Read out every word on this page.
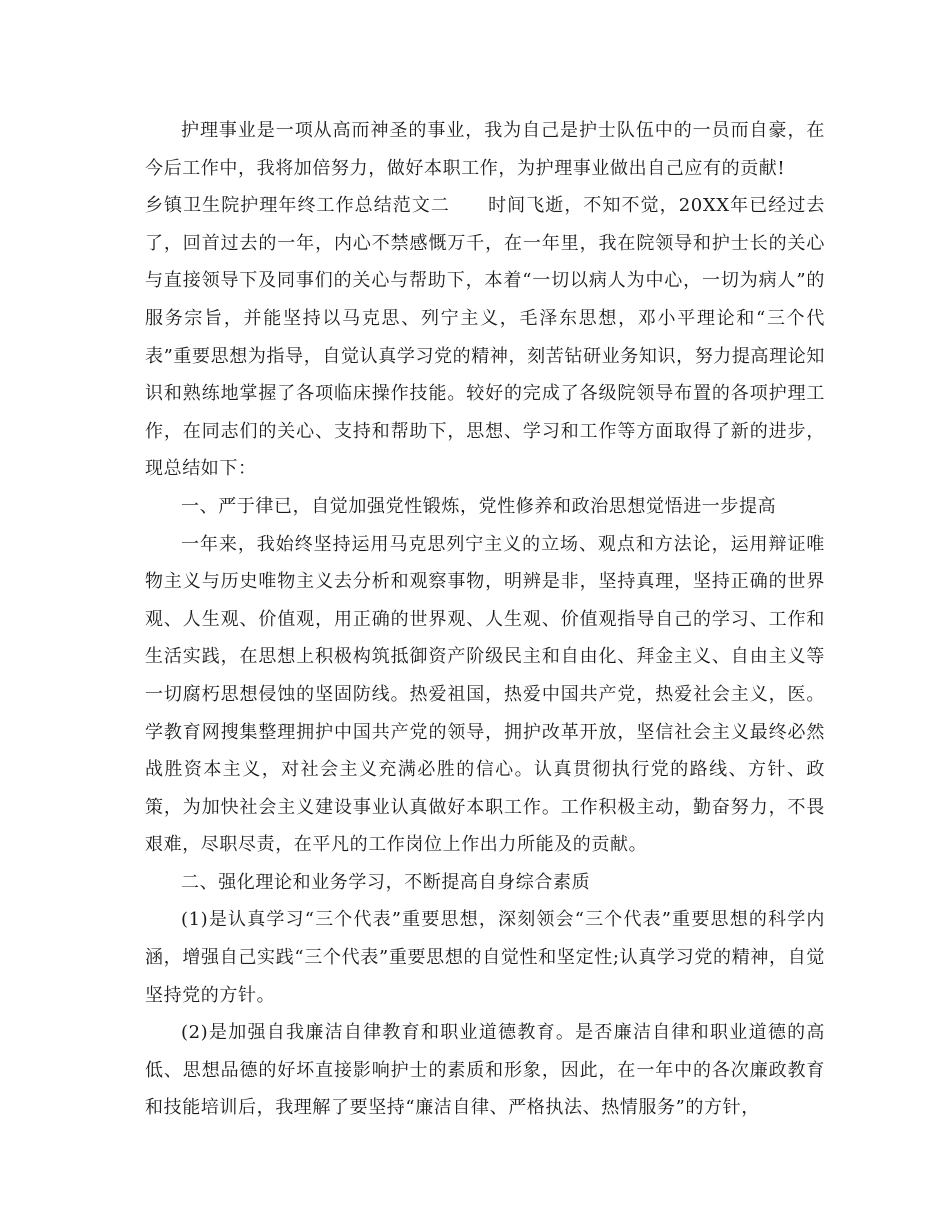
护理事业是一项从高而神圣的事业，我为自己是护士队伍中的一员而自豪，在今后工作中，我将加倍努力，做好本职工作，为护理事业做出自己应有的贡献!

乡镇卫生院护理年终工作总结范文二　　时间飞逝，不知不觉，20XX年已经过去了，回首过去的一年，内心不禁感慨万千，在一年里，我在院领导和护士长的关心与直接领导下及同事们的关心与帮助下，本着“一切以病人为中心，一切为病人”的服务宗旨，并能坚持以马克思、列宁主义，毛泽东思想，邓小平理论和“三个代表”重要思想为指导，自觉认真学习党的精神，刻苦钻研业务知识，努力提高理论知识和熟练地掌握了各项临床操作技能。较好的完成了各级院领导布置的各项护理工作，在同志们的关心、支持和帮助下，思想、学习和工作等方面取得了新的进步，现总结如下：

一、严于律已，自觉加强党性锻炼，党性修养和政治思想觉悟进一步提高

一年来，我始终坚持运用马克思列宁主义的立场、观点和方法论，运用辩证唯物主义与历史唯物主义去分析和观察事物，明辨是非，坚持真理，坚持正确的世界观、人生观、价值观，用正确的世界观、人生观、价值观指导自己的学习、工作和生活实践，在思想上积极构筑抵御资产阶级民主和自由化、拜金主义、自由主义等一切腐朽思想侵蚀的坚固防线。热爱祖国，热爱中国共产党，热爱社会主义，医。学教育网搜集整理拥护中国共产党的领导，拥护改革开放，坚信社会主义最终必然战胜资本主义，对社会主义充满必胜的信心。认真贯彻执行党的路线、方针、政策，为加快社会主义建设事业认真做好本职工作。工作积极主动，勤奋努力，不畏艰难，尽职尽责，在平凡的工作岗位上作出力所能及的贡献。

二、强化理论和业务学习，不断提高自身综合素质

(1)是认真学习“三个代表”重要思想，深刻领会“三个代表”重要思想的科学内涵，增强自己实践“三个代表”重要思想的自觉性和坚定性;认真学习党的精神，自觉坚持党的方针。

(2)是加强自我廉洁自律教育和职业道德教育。是否廉洁自律和职业道德的高低、思想品德的好坏直接影响护士的素质和形象，因此，在一年中的各次廉政教育和技能培训后，我理解了要坚持“廉洁自律、严格执法、热情服务”的方针，
